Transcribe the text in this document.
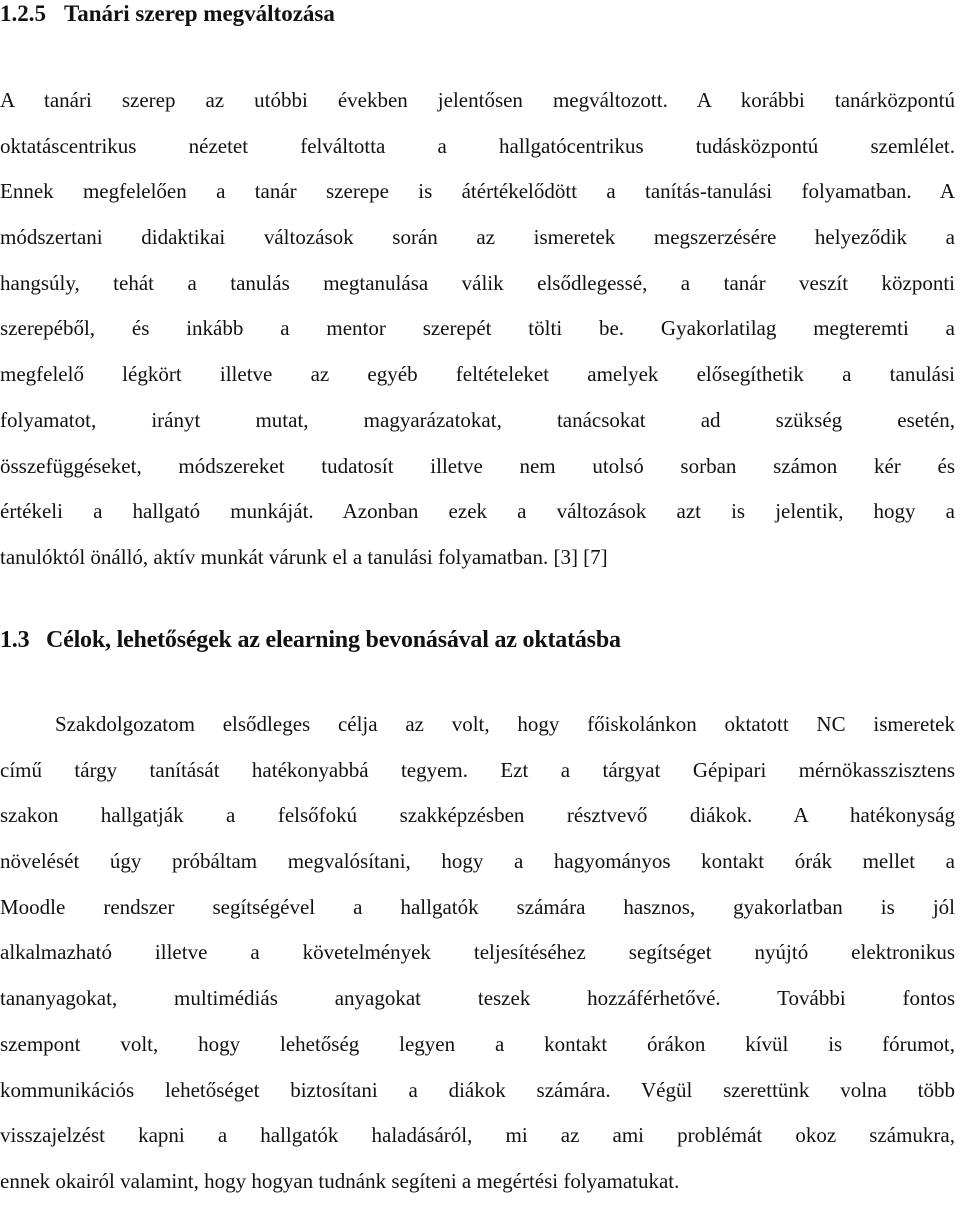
1.2.5 Tanári szerep megváltozása

A tanári szerep az utóbbi években jelentősen megváltozott. A korábbi tanárközpontú
oktatáscentrikus nézetet felváltotta a hallgatócentrikus tudásközpontú szemlélet.
Ennek megfelelően a tanár szerepe is átértékelődött a tanítás-tanulási folyamatban. A
módszertani didaktikai változások során az ismeretek megszerzésére helyeződik a
hangsúly, tehát a tanulás megtanulása válik elsődlegessé, a tanár veszít központi
szerepéből, és inkább a mentor szerepét tölti be. Gyakorlatilag megteremti a
megfelelő légkört illetve az egyéb feltételeket amelyek elősegíthetik a tanulási
folyamatot, irányt mutat, magyarázatokat, tanácsokat ad szükség esetén,
összefüggéseket, módszereket tudatosít illetve nem utolsó sorban számon kér és
értékeli a hallgató munkáját. Azonban ezek a változások azt is jelentik, hogy a
tanulóktól önálló, aktív munkát várunk el a tanulási folyamatban. [3] [7]

1.3 Célok, lehetőségek az elearning bevonásával az oktatásba

Szakdolgozatom elsődleges célja az volt, hogy főiskolánkon oktatott NC ismeretek
című tárgy tanítását hatékonyabbá tegyem. Ezt a tárgyat Gépipari mérnökasszisztens
szakon hallgatják a felsőfokú szakképzésben résztvevő diákok. A hatékonyság
növelését úgy próbáltam megvalósítani, hogy a hagyományos kontakt órák mellet a
Moodle rendszer segítségével a hallgatók számára hasznos, gyakorlatban is jól
alkalmazható illetve a követelmények teljesítéséhez segítséget nyújtó elektronikus
tananyagokat, multimédiás anyagokat teszek hozzáférhetővé. További fontos
szempont volt, hogy lehetőség legyen a kontakt órákon kívül is fórumot,
kommunikációs lehetőséget biztosítani a diákok számára. Végül szerettünk volna több
visszajelzést kapni a hallgatók haladásáról, mi az ami problémát okoz számukra,
ennek okairól valamint, hogy hogyan tudnánk segíteni a megértési folyamatukat.
